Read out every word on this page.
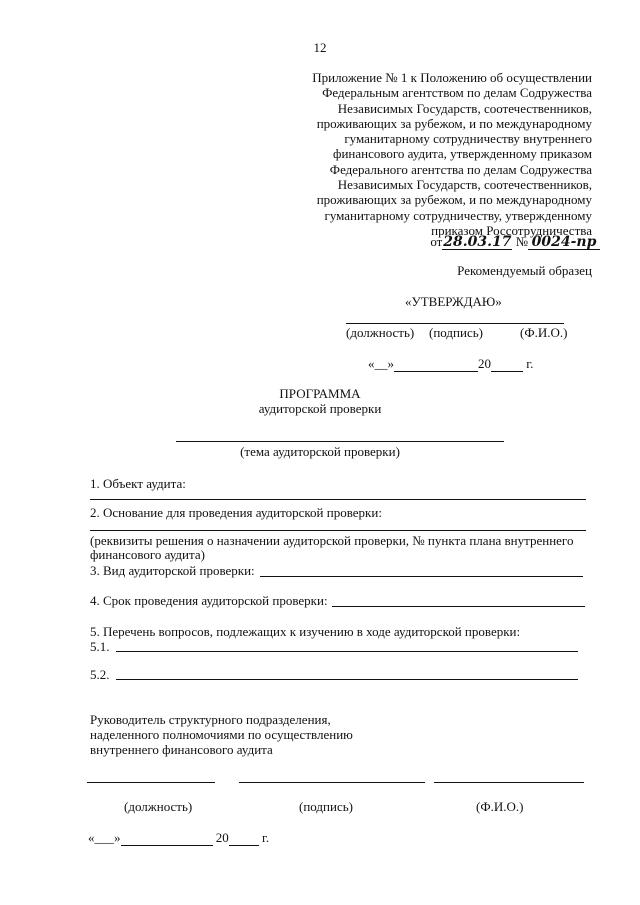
12
Приложение № 1 к Положению об осуществлении
Федеральным агентством по делам Содружества
Независимых Государств, соотечественников,
проживающих за рубежом, и по международному
гуманитарному сотрудничеству внутреннего
финансового аудита, утвержденному приказом
Федерального агентства по делам Содружества
Независимых Государств, соотечественников,
проживающих за рубежом, и по международному
гуманитарному сотрудничеству, утвержденному
приказом Россотрудничества
от28.03.17 № 0024-пр
Рекомендуемый образец
«УТВЕРЖДАЮ»
(должность) (подпись)	(Ф.И.О.)
«__»	20	г.
ПРОГРАММА
аудиторской проверки
(тема аудиторской проверки)
1. Объект аудита:
2. Основание для проведения аудиторской проверки:
(реквизиты решения о назначении аудиторской проверки, № пункта плана внутреннего
финансового аудита)
3. Вид аудиторской проверки:
4. Срок проведения аудиторской проверки:
5. Перечень вопросов, подлежащих к изучению в ходе аудиторской проверки:
5.1.
5.2.
Руководитель структурного подразделения,
наделенного полномочиями по осуществлению
внутреннего финансового аудита
(должность)	(подпись)	(Ф.И.О.)
«___»	20	г.
